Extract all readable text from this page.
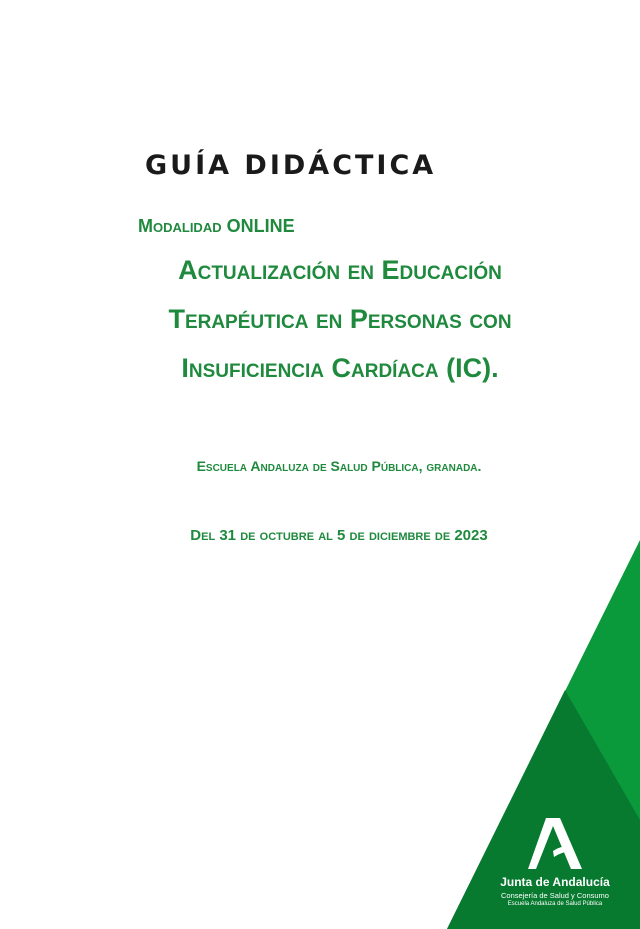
GUÍA DIDÁCTICA

Modalidad ONLINE

Actualización en Educación
Terapéutica en Personas con
Insuficiencia Cardíaca (IC).

Escuela Andaluza de Salud Pública, granada.

Del 31 de octubre al 5 de diciembre de 2023

Junta de Andalucía
Consejería de Salud y Consumo
Escuela Andaluza de Salud Pública
